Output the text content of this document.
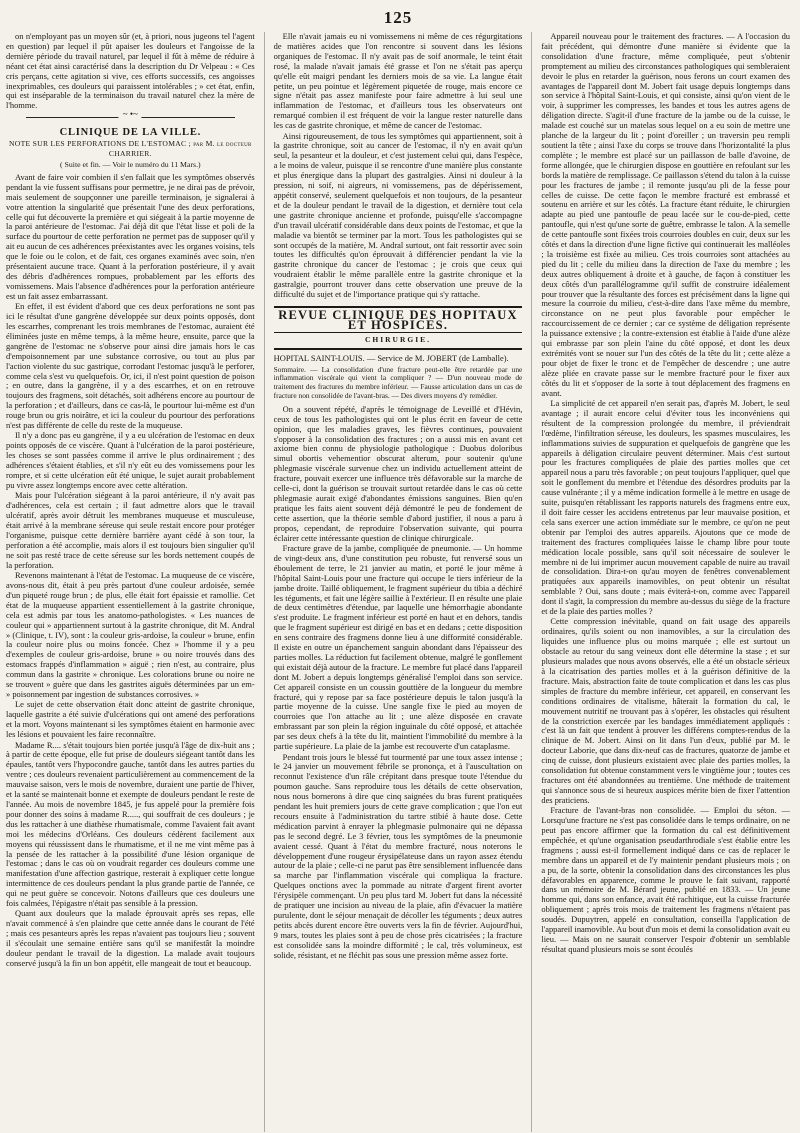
125

on n'employant pas un moyen sûr (et, à priori, nous jugeons tel l'agent en question) par lequel il pût apaiser les douleurs et l'angoisse de la dernière période du travail naturel, par lequel il fût à même de réduire à néant cet état ainsi caractérisé dans la description du Dr Velpeau : « Ces cris perçans, cette agitation si vive, ces efforts successifs, ces angoisses inexprimables, ces douleurs qui paraissent intolérables ; » cet état, enfin, qui est inséparable de la terminaison du travail naturel chez la mère de l'homme.

~ •~
CLINIQUE DE LA VILLE.
NOTE SUR LES PERFORATIONS DE L'ESTOMAC ; par M. le docteur CHARRIER.
( Suite et fin. — Voir le numéro du 11 Mars.)

Avant de faire voir combien il s'en fallait que les symptômes observés pendant la vie fussent suffisans pour permettre, je ne dirai pas de prévoir, mais seulement de soupçonner une pareille terminaison, je signalerai à votre attention la singularité que présentait l'une des deux perforations, celle qui fut découverte la première et qui siégeait à la partie moyenne de la paroi antérieure de l'estomac. J'ai déjà dit que l'état lisse et poli de la surface du pourtour de cette perforation ne permet pas de supposer qu'il y ait eu aucun de ces adhérences préexistantes avec les organes voisins, tels que le foie ou le colon, et de fait, ces organes examinés avec soin, n'en présentaient aucune trace. Quant à la perforation postérieure, il y avait des débris d'adhérences rompues, probablement par les efforts des vomissemens. Mais l'absence d'adhérences pour la perforation antérieure est un fait assez embarrassant.

En effet, il est évident d'abord que ces deux perforations ne sont pas ici le résultat d'une gangrène développée sur deux points opposés, dont les escarrhes, comprenant les trois membranes de l'estomac, auraient été éliminées juste en même temps, à la même heure, ensuite, parce que la gangrène de l'estomac ne s'observe pour ainsi dire jamais hors le cas d'empoisonnement par une substance corrosive, ou tout au plus par l'action violente du suc gastrique, corrodant l'estomac jusqu'à le perforer, comme cela s'est vu quelquefois. Or, ici, il n'est point question de poison ; en outre, dans la gangrène, il y a des escarrhes, et on en retrouve toujours des fragmens, soit détachés, soit adhérens encore au pourtour de la perforation ; et d'ailleurs, dans ce cas-là, le pourtour lui-même est d'un rouge brun ou gris noirâtre, et ici la couleur du pourtour des perforations n'est pas différente de celle du reste de la muqueuse.

Il n'y a donc pas eu gangrène, il y a eu ulcération de l'estomac en deux points opposés de ce viscère. Quant à l'ulcération de la paroi postérieure, les choses se sont passées comme il arrive le plus ordinairement ; des adhérences s'étaient établies, et s'il n'y eût eu des vomissemens pour les rompre, et si cette ulcération eût été unique, le sujet aurait probablement pu vivre assez longtemps encore avec cette altération.

Mais pour l'ulcération siégeant à la paroi antérieure, il n'y avait pas d'adhérences, cela est certain ; il faut admettre alors que le travail ulcératif, après avoir détruit les membranes muqueuse et musculeuse, était arrivé à la membrane séreuse qui seule restait encore pour protéger l'organisme, puisque cette dernière barrière ayant cédé à son tour, la perforation a été accomplie, mais alors il est toujours bien singulier qu'il ne soit pas resté trace de cette séreuse sur les bords nettement coupés de la perforation.

Revenons maintenant à l'état de l'estomac. La muqueuse de ce viscère, avons-nous dit, était à peu près partout d'une couleur ardoisée, semée d'un piqueté rouge brun ; de plus, elle était fort épaissie et ramollie. Cet état de la muqueuse appartient essentiellement à la gastrite chronique, cela est admis par tous les anatomo-pathologistes. « Les nuances de couleur qui » appartiennent surtout à la gastrite chronique, dit M. Andral » (Clinique, t. IV), sont : la couleur gris-ardoise, la couleur » brune, enfin la couleur noire plus ou moins foncée. Chez » l'homme il y a peu d'exemples de couleur gris-ardoise, brune » ou noire trouvés dans des estomacs frappés d'inflammation » aiguë ; rien n'est, au contraire, plus commun dans la gastrite » chronique. Les colorations brune ou noire ne se trouvent » guère que dans les gastrites aiguës déterminées par un em- » poisonnement par ingestion de substances corrosives. »

Le sujet de cette observation était donc atteint de gastrite chronique, laquelle gastrite a été suivie d'ulcérations qui ont amené des perforations et la mort. Voyons maintenant si les symptômes étaient en harmonie avec les lésions et pouvaient les faire reconnaître.

Madame R.... s'était toujours bien portée jusqu'à l'âge de dix-huit ans ; à partir de cette époque, elle fut prise de douleurs siégeant tantôt dans les épaules, tantôt vers l'hypocondre gauche, tantôt dans les autres parties du ventre ; ces douleurs revenaient particulièrement au commencement de la mauvaise saison, vers le mois de novembre, duraient une partie de l'hiver, et la santé se maintenait bonne et exempte de douleurs pendant le reste de l'année. Au mois de novembre 1845, je fus appelé pour la première fois pour donner des soins à madame R....., qui souffrait de ces douleurs ; je dus les rattacher à une diathèse rhumatismale, comme l'avaient fait avant moi les médecins d'Orléans. Ces douleurs cédèrent facilement aux moyens qui réussissent dans le rhumatisme, et il ne me vint même pas à la pensée de les rattacher à la possibilité d'une lésion organique de l'estomac ; dans le cas où on voudrait regarder ces douleurs comme une manifestation d'une affection gastrique, resterait à expliquer cette longue intermittence de ces douleurs pendant la plus grande partie de l'année, ce qui ne peut guère se concevoir. Notons d'ailleurs que ces douleurs une fois calmées, l'épigastre n'était pas sensible à la pression.

Quant aux douleurs que la malade éprouvait après ses repas, elle n'avait commencé à s'en plaindre que cette année dans le courant de l'été ; mais ces pesanteurs après les repas n'avaient pas toujours lieu ; souvent il s'écoulait une semaine entière sans qu'il se manifestât la moindre douleur pendant le travail de la digestion. La malade avait toujours conservé jusqu'à la fin un bon appétit, elle mangeait de tout et beaucoup.

Elle n'avait jamais eu ni vomissemens ni même de ces régurgitations de matières acides que l'on rencontre si souvent dans les lésions organiques de l'estomac. Il n'y avait pas de soif anormale, le teint était rosé, la malade n'avait jamais été grasse et l'on ne s'était pas aperçu qu'elle eût maigri pendant les derniers mois de sa vie. La langue était petite, un peu pointue et légèrement piquetée de rouge, mais encore ce signe n'était pas assez manifeste pour faire admettre à lui seul une inflammation de l'estomac, et d'ailleurs tous les observateurs ont remarqué combien il est fréquent de voir la langue rester naturelle dans les cas de gastrite chronique, et même de cancer de l'estomac.

Ainsi rigoureusement, de tous les symptômes qui appartiennent, soit à la gastrite chronique, soit au cancer de l'estomac, il n'y en avait qu'un seul, la pesanteur et la douleur, et c'est justement celui qui, dans l'espèce, a le moins de valeur, puisque il se rencontre d'une manière plus constante et plus énergique dans la plupart des gastralgies. Ainsi ni douleur à la pression, ni soif, ni aigreurs, ni vomissemens, pas de dépérissement, appétit conservé, seulement quelquefois et non toujours, de la pesanteur et de la douleur pendant le travail de la digestion, et dernière tout cela une gastrite chronique ancienne et profonde, puisqu'elle s'accompagne d'un travail ulcératif considérable dans deux points de l'estomac, et que la maladie va bientôt se terminer par la mort. Tous les pathologistes qui se sont occupés de la matière, M. Andral surtout, ont fait ressortir avec soin toutes les difficultés qu'on éprouvait à différencier pendant la vie la gastrite chronique du cancer de l'estomac ; je crois que ceux qui voudraient établir le même parallèle entre la gastrite chronique et la gastralgie, pourront trouver dans cette observation une preuve de la difficulté du sujet et de l'importance pratique qui s'y rattache.

REVUE CLINIQUE DES HOPITAUX ET HOSPICES.
CHIRURGIE.

HOPITAL SAINT-LOUIS. — Service de M. JOBERT (de Lamballe).

Sommaire. — La consolidation d'une fracture peut-elle être retardée par une inflammation viscérale qui vient la compliquer ? — D'un nouveau mode de traitement des fractures du membre inférieur. — Fausse articulation dans un cas de fracture non consolidée de l'avant-bras. — Des divers moyens d'y remédier.

On a souvent répété, d'après le témoignage de Leveillé et d'Hévin, ceux de tous les pathologistes qui ont le plus écrit en faveur de cette opinion, que les maladies graves, les fièvres continues, pouvaient s'opposer à la consolidation des fractures ; on a aussi mis en avant cet axiome bien connu de physiologie pathologique : Duobus doloribus simul obortis vehementior obscurat alterum, pour soutenir qu'une phlegmasie viscérale survenue chez un individu actuellement atteint de fracture, pouvait exercer une influence très défavorable sur la marche de celle-ci, dont la guérison se trouvait surtout retardée dans le cas où cette phlegmasie aurait exigé d'abondantes émissions sanguines. Bien qu'en pratique les faits aient souvent déjà démontré le peu de fondement de cette assertion, que la théorie semble d'abord justifier, il nous a paru à propos, cependant, de reproduire l'observation suivante, qui pourra éclairer cette intéressante question de clinique chirurgicale.

Fracture grave de la jambe, compliquée de pneumonie. — Un homme de vingt-deux ans, d'une constitution peu robuste, fut renversé sous un éboulement de terre, le 21 janvier au matin, et porté le jour même à l'hôpital Saint-Louis pour une fracture qui occupe le tiers inférieur de la jambe droite. Taillé obliquement, le fragment supérieur du tibia a déchiré les téguments, et fait une légère saillie à l'extérieur. Il en résulte une plaie de deux centimètres d'étendue, par laquelle une hémorrhagie abondante s'est produite. Le fragment inférieur est porté en haut et en dehors, tandis que le fragment supérieur est dirigé en bas et en dedans ; cette disposition en sens contraire des fragmens donne lieu à une difformité considérable. Il existe en outre un épanchement sanguin abondant dans l'épaisseur des parties molles. La réduction fut facilement obtenue, malgré le gonflement qui existait déjà autour de la fracture. Le membre fut placé dans l'appareil dont M. Jobert a depuis longtemps généralisé l'emploi dans son service. Cet appareil consiste en un coussin gouttière de la longueur du membre fracturé, qui y repose par sa face postérieure depuis le talon jusqu'à la partie moyenne de la cuisse. Une sangle fixe le pied au moyen de courroies que l'on attache au lit ; une alèze disposée en cravate embrassant par son plein la région inguinale du côté opposé, et attachée par ses deux chefs à la tête du lit, maintient l'immobilité du membre à la partie supérieure. La plaie de la jambe est recouverte d'un cataplasme.

Pendant trois jours le blessé fut tourmenté par une toux assez intense ; le 24 janvier un mouvement fébrile se prononça, et à l'auscultation on reconnut l'existence d'un râle crépitant dans presque toute l'étendue du poumon gauche. Sans reproduire tous les détails de cette observation, nous nous bornerons à dire que cinq saignées du bras furent pratiquées pendant les huit premiers jours de cette grave complication ; que l'on eut recours ensuite à l'administration du tartre stibié à haute dose. Cette médication parvint à enrayer la phlegmasie pulmonaire qui ne dépassa pas le second degré. Le 3 février, tous les symptômes de la pneumonie avaient cessé. Quant à l'état du membre fracturé, nous noterons le développement d'une rougeur érysipélateuse dans un rayon assez étendu autour de la plaie ; celle-ci ne parut pas être sensiblement influencée dans sa marche par l'inflammation viscérale qui compliqua la fracture. Quelques onctions avec la pommade au nitrate d'argent firent avorter l'érysipèle commençant. Un peu plus tard M. Jobert fut dans la nécessité de pratiquer une incision au niveau de la plaie, afin d'évacuer la matière purulente, dont le séjour menaçait de décoller les téguments ; deux autres petits abcès durent encore être ouverts vers la fin de février. Aujourd'hui, 9 mars, toutes les plaies sont à peu de chose près cicatrisées ; la fracture est consolidée sans la moindre difformité ; le cal, très volumineux, est solide, résistant, et ne fléchit pas sous une pression même assez forte.

Appareil nouveau pour le traitement des fractures. — A l'occasion du fait précédent, qui démontre d'une manière si évidente que la consolidation d'une fracture, même compliquée, peut s'obtenir promptement au milieu des circonstances pathologiques qui sembleraient devoir le plus en retarder la guérison, nous ferons un court examen des avantages de l'appareil dont M. Jobert fait usage depuis longtemps dans son service à l'hôpital Saint-Louis, et qui consiste, ainsi qu'on vient de le voir, à supprimer les compresses, les bandes et tous les autres agens de déligation directe. S'agit-il d'une fracture de la jambe ou de la cuisse, le malade est couché sur un matelas sous lequel on a eu soin de mettre une planche de la largeur du lit ; point d'oreiller ; un traversin peu rempli soutient la tête ; ainsi l'axe du corps se trouve dans l'horizontalité la plus complète ; le membre est placé sur un paillasson de balle d'avoine, de forme allongée, que le chirurgien dispose en gouttière en refoulant sur les bords la matière de remplissage. Ce paillasson s'étend du talon à la cuisse pour les fractures de jambe ; il remonte jusqu'au pli de la fesse pour celles de cuisse. De cette façon le membre fracturé est embrassé et soutenu en arrière et sur les côtés. La fracture étant réduite, le chirurgien adapte au pied une pantoufle de peau lacée sur le cou-de-pied, cette pantoufle, qui n'est qu'une sorte de guêtre, embrasse le talon. A la semelle de cette pantoufle sont fixées trois courroies doubles en cuir, deux sur les côtés et dans la direction d'une ligne fictive qui continuerait les malléoles ; la troisième est fixée au milieu. Ces trois courroies sont attachées au pied du lit ; celle du milieu dans la direction de l'axe du membre ; les deux autres obliquement à droite et à gauche, de façon à constituer les deux côtés d'un parallélogramme qu'il suffit de construire idéalement pour trouver que la résultante des forces est précisément dans la ligne qui mesure la courroie du milieu, c'est-à-dire dans l'axe même du membre, circonstance on ne peut plus favorable pour empêcher le raccourcissement de ce dernier ; car ce système de déligation représente la puissance extensive ; la contre-extension est établie à l'aide d'une alèze qui embrasse par son plein l'aine du côté opposé, et dont les deux extrémités vont se nouer sur l'un des côtés de la tête du lit ; cette alèze a pour objet de fixer le tronc et de l'empêcher de descendre ; une autre alèze pliée en cravate passe sur le membre fracturé pour le fixer aux côtés du lit et s'opposer de la sorte à tout déplacement des fragmens en avant.

La simplicité de cet appareil n'en serait pas, d'après M. Jobert, le seul avantage ; il aurait encore celui d'éviter tous les inconvéniens qui résultent de la compression prolongée du membre, il préviendrait l'œdème, l'infiltration séreuse, les douleurs, les spasmes musculaires, les inflammations suivies de suppuration et quelquefois de gangrène que les appareils à déligation circulaire peuvent déterminer. Mais c'est surtout pour les fractures compliquées de plaie des parties molles que cet appareil nous a paru très favorable ; on peut toujours l'appliquer, quel que soit le gonflement du membre et l'étendue des désordres produits par la cause vulnérante ; il y a même indication formelle à le mettre en usage de suite, puisqu'en rétablissant les rapports naturels des fragmens entre eux, il doit faire cesser les accidens entretenus par leur mauvaise position, et cela sans exercer une action immédiate sur le membre, ce qu'on ne peut obtenir par l'emploi des autres appareils. Ajoutons que ce mode de traitement des fractures compliquées laisse le champ libre pour toute médication locale possible, sans qu'il soit nécessaire de soulever le membre ni de lui imprimer aucun mouvement capable de nuire au travail de consolidation. Dira-t-on qu'au moyen de fenêtres convenablement pratiquées aux appareils inamovibles, on peut obtenir un résultat semblable ? Oui, sans doute ; mais éviterà-t-on, comme avec l'appareil dont il s'agit, la compression du membre au-dessus du siège de la fracture et de la plaie des parties molles ?

Cette compression inévitable, quand on fait usage des appareils ordinaires, qu'ils soient ou non inamovibles, a sur la circulation des liquides une influence plus ou moins marquée ; elle est surtout un obstacle au retour du sang veineux dont elle détermine la stase ; et sur plusieurs malades que nous avons observés, elle a été un obstacle sérieux à la cicatrisation des parties molles et à la guérison définitive de la fracture. Mais, abstraction faite de toute complication et dans les cas plus simples de fracture du membre inférieur, cet appareil, en conservant les conditions ordinaires de vitalisme, hâterait la formation du cal, le mouvement nutritif ne trouvant pas à s'opérer, les obstacles qui résultent de la constriction exercée par les bandages immédiatement appliqués : c'est là un fait que tendent à prouver les différens comptes-rendus de la clinique de M. Jobert. Ainsi on lit dans l'un d'eux, publié par M. le docteur Laborie, que dans dix-neuf cas de fractures, quatorze de jambe et cinq de cuisse, dont plusieurs existaient avec plaie des parties molles, la consolidation fut obtenue constamment vers le vingtième jour ; toutes ces fractures ont été abandonnées au trentième. Une méthode de traitement qui s'annonce sous de si heureux auspices mérite bien de fixer l'attention des praticiens.

Fracture de l'avant-bras non consolidée. — Emploi du séton. — Lorsqu'une fracture ne s'est pas consolidée dans le temps ordinaire, on ne peut pas encore affirmer que la formation du cal est définitivement empêchée, et qu'une organisation pseudarthrodiale s'est établie entre les fragmens ; aussi est-il formellement indiqué dans ce cas de replacer le membre dans un appareil et de l'y maintenir pendant plusieurs mois ; on a pu, de la sorte, obtenir la consolidation dans des circonstances les plus défavorables en apparence, comme le prouve le fait suivant, rapporté dans un mémoire de M. Bérard jeune, publié en 1833. — Un jeune homme qui, dans son enfance, avait été rachitique, eut la cuisse fracturée obliquement ; après trois mois de traitement les fragmens n'étaient pas soudés. Dupuytren, appelé en consultation, conseilla l'application de l'appareil inamovible. Au bout d'un mois et demi la consolidation avait eu lieu. — Mais on ne saurait conserver l'espoir d'obtenir un semblable résultat quand plusieurs mois se sont écoulés
